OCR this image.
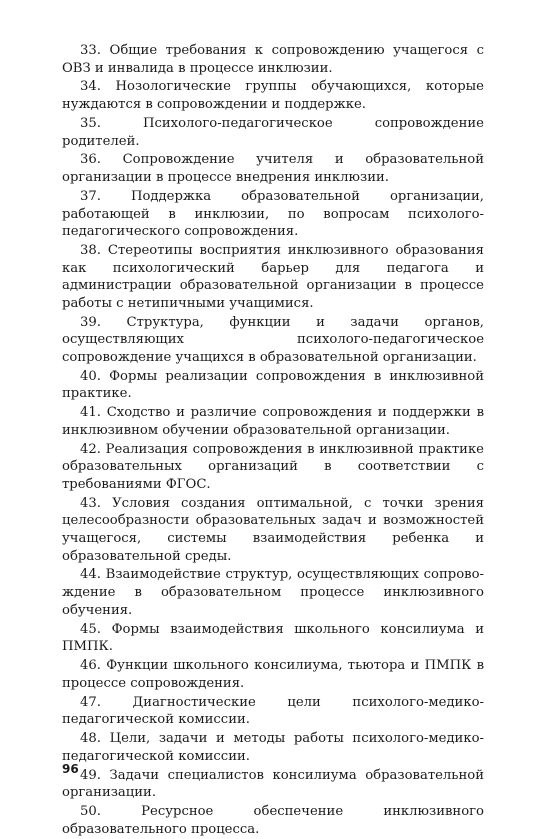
33. Общие требования к сопровождению учащегося с ОВЗ и инвалида в процессе инклюзии.

34. Нозологические группы обучающихся, которые нуждаются в сопровождении и поддержке.

35. Психолого-педагогическое сопровождение родителей.

36. Сопровождение учителя и образовательной организации в процессе внедрения инклюзии.

37. Поддержка образовательной организации, работающей в инклюзии, по вопросам психолого-педагогического сопровождения.

38. Стереотипы восприятия инклюзивного образования как психологический барьер для педагога и администрации образовательной организации в процессе работы с нетипичными учащимися.

39. Структура, функции и задачи органов, осуществляющих психолого-педагогическое сопровождение учащихся в образовательной организации.

40. Формы реализации сопровождения в инклюзивной практике.

41. Сходство и различие сопровождения и поддержки в инклюзивном обучении образовательной организации.

42. Реализация сопровождения в инклюзивной практике образовательных организаций в соответствии с требованиями ФГОС.

43. Условия создания оптимальной, с точки зрения целесообразности образовательных задач и возможностей учащегося, системы взаимодействия ребенка и образовательной среды.

44. Взаимодействие структур, осуществляющих сопровождение в образовательном процессе инклюзивного обучения.

45. Формы взаимодействия школьного консилиума и ПМПК.

46. Функции школьного консилиума, тьютора и ПМПК в процессе сопровождения.

47. Диагностические цели психолого-медико-педагогической комиссии.

48. Цели, задачи и методы работы психолого-медико-педагогической комиссии.

49. Задачи специалистов консилиума образовательной организации.

50. Ресурсное обеспечение инклюзивного образовательного процесса.

96
